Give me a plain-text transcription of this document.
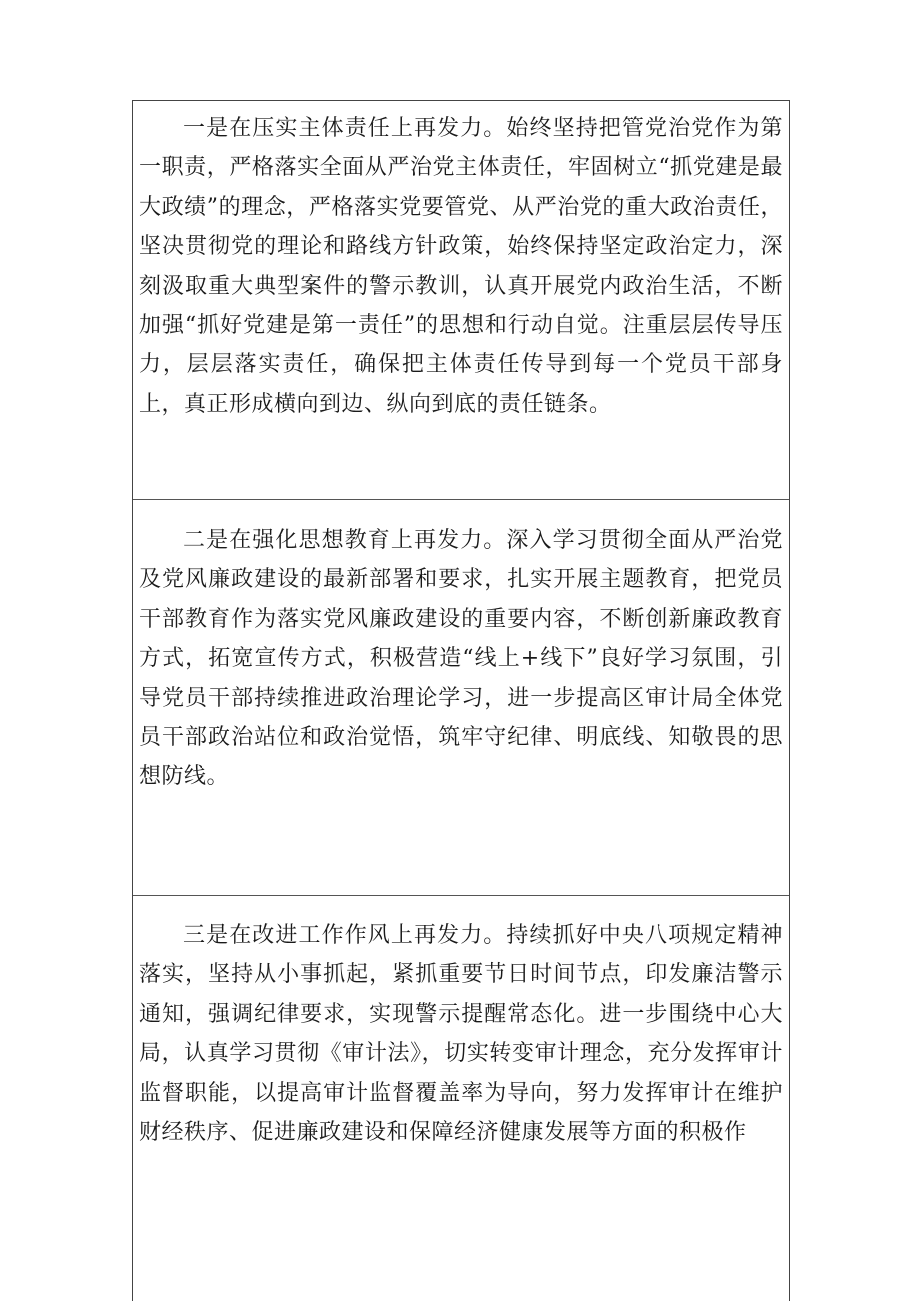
一是在压实主体责任上再发力。始终坚持把管党治党作为第一职责，严格落实全面从严治党主体责任，牢固树立“抓党建是最大政绩”的理念，严格落实党要管党、从严治党的重大政治责任，坚决贯彻党的理论和路线方针政策，始终保持坚定政治定力，深刻汲取重大典型案件的警示教训，认真开展党内政治生活，不断加强“抓好党建是第一责任”的思想和行动自觉。注重层层传导压力，层层落实责任，确保把主体责任传导到每一个党员干部身上，真正形成横向到边、纵向到底的责任链条。

二是在强化思想教育上再发力。深入学习贯彻全面从严治党及党风廉政建设的最新部署和要求，扎实开展主题教育，把党员干部教育作为落实党风廉政建设的重要内容，不断创新廉政教育方式，拓宽宣传方式，积极营造“线上+线下”良好学习氛围，引导党员干部持续推进政治理论学习，进一步提高区审计局全体党员干部政治站位和政治觉悟，筑牢守纪律、明底线、知敬畏的思想防线。

三是在改进工作作风上再发力。持续抓好中央八项规定精神落实，坚持从小事抓起，紧抓重要节日时间节点，印发廉洁警示通知，强调纪律要求，实现警示提醒常态化。进一步围绕中心大局，认真学习贯彻《审计法》，切实转变审计理念，充分发挥审计监督职能，以提高审计监督覆盖率为导向，努力发挥审计在维护财经秩序、促进廉政建设和保障经济健康发展等方面的积极作
